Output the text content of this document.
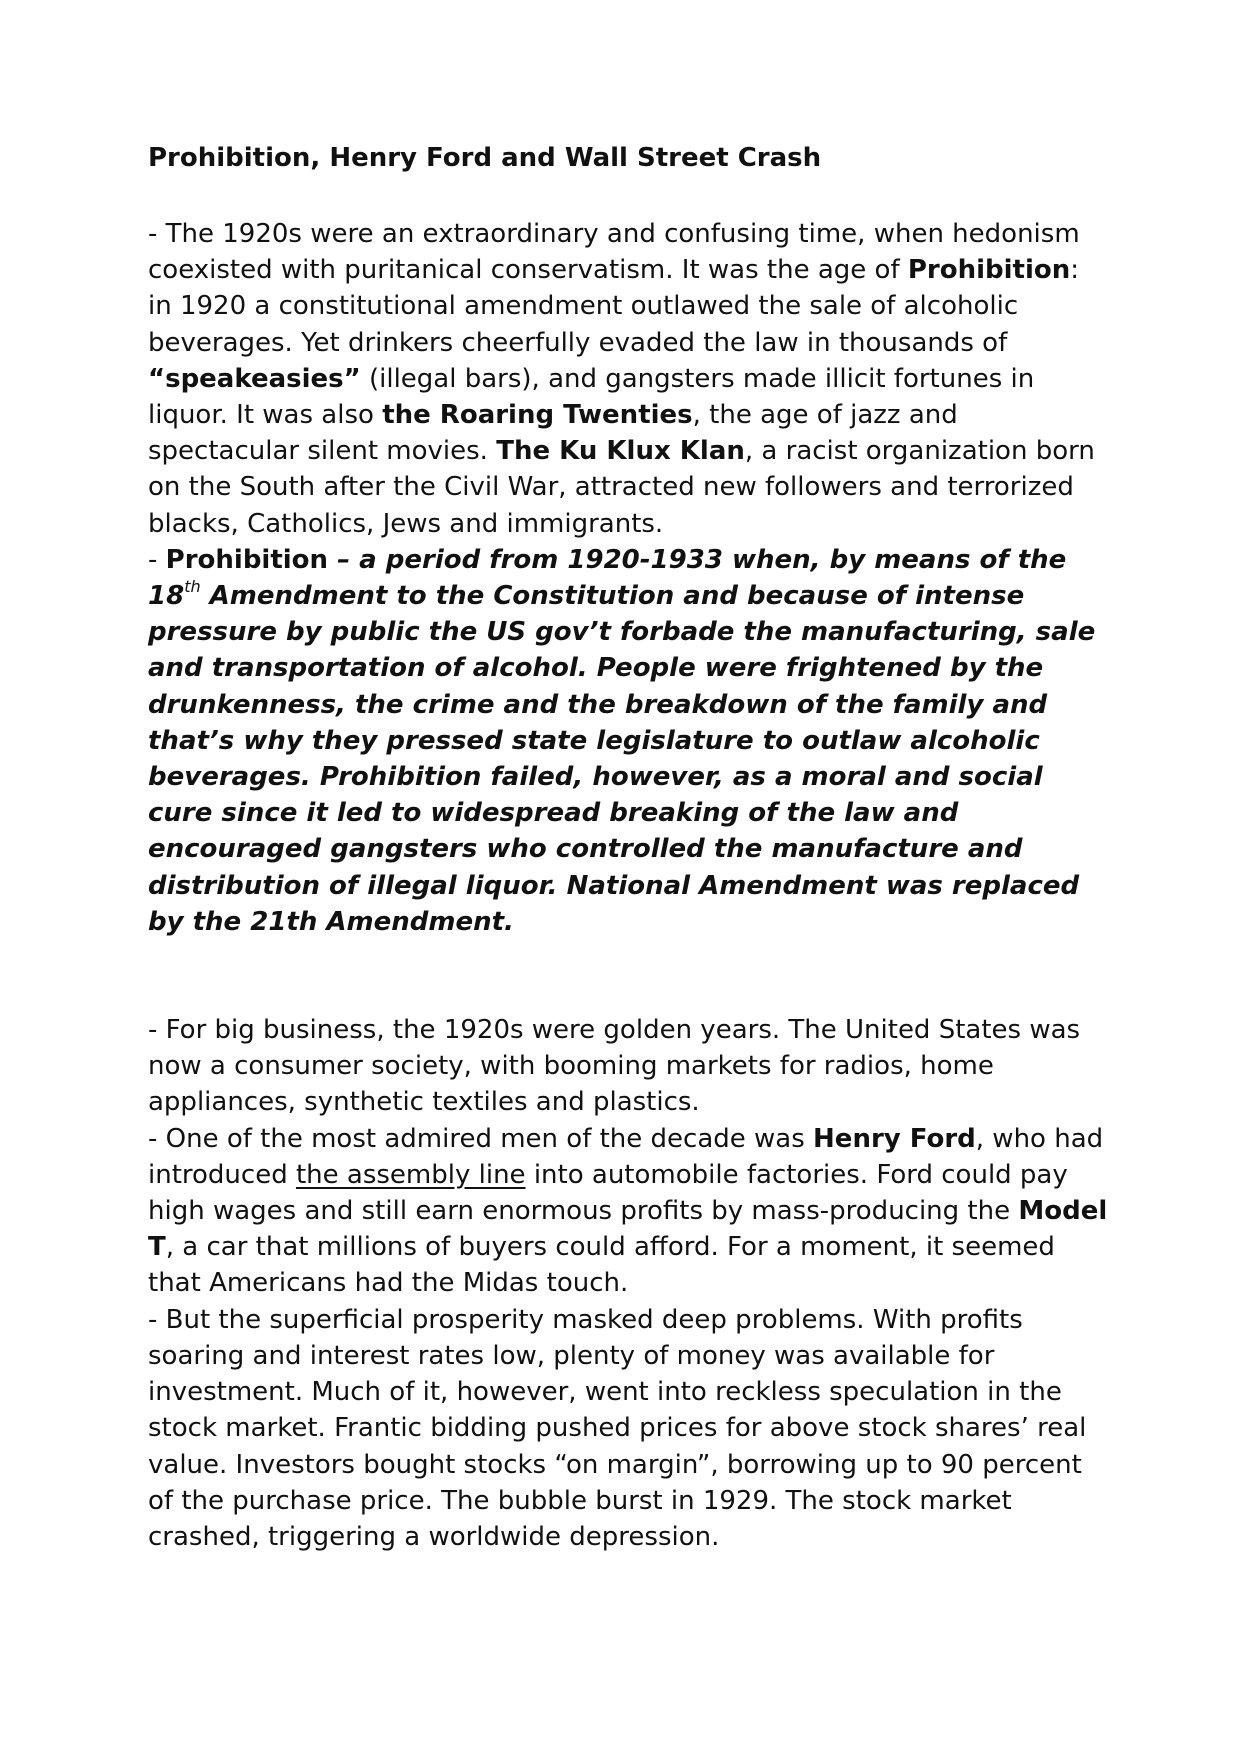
Prohibition, Henry Ford and Wall Street Crash

- The 1920s were an extraordinary and confusing time, when hedonism coexisted with puritanical conservatism. It was the age of Prohibition: in 1920 a constitutional amendment outlawed the sale of alcoholic beverages. Yet drinkers cheerfully evaded the law in thousands of “speakeasies” (illegal bars), and gangsters made illicit fortunes in liquor. It was also the Roaring Twenties, the age of jazz and spectacular silent movies. The Ku Klux Klan, a racist organization born on the South after the Civil War, attracted new followers and terrorized blacks, Catholics, Jews and immigrants.

- Prohibition – a period from 1920-1933 when, by means of the 18th Amendment to the Constitution and because of intense pressure by public the US gov’t forbade the manufacturing, sale and transportation of alcohol. People were frightened by the drunkenness, the crime and the breakdown of the family and that’s why they pressed state legislature to outlaw alcoholic beverages. Prohibition failed, however, as a moral and social cure since it led to widespread breaking of the law and encouraged gangsters who controlled the manufacture and distribution of illegal liquor. National Amendment was replaced by the 21th Amendment.

- For big business, the 1920s were golden years. The United States was now a consumer society, with booming markets for radios, home appliances, synthetic textiles and plastics.

- One of the most admired men of the decade was Henry Ford, who had introduced the assembly line into automobile factories. Ford could pay high wages and still earn enormous profits by mass-producing the Model T, a car that millions of buyers could afford. For a moment, it seemed that Americans had the Midas touch.

- But the superficial prosperity masked deep problems. With profits soaring and interest rates low, plenty of money was available for investment. Much of it, however, went into reckless speculation in the stock market. Frantic bidding pushed prices for above stock shares’ real value. Investors bought stocks “on margin”, borrowing up to 90 percent of the purchase price. The bubble burst in 1929. The stock market crashed, triggering a worldwide depression.
